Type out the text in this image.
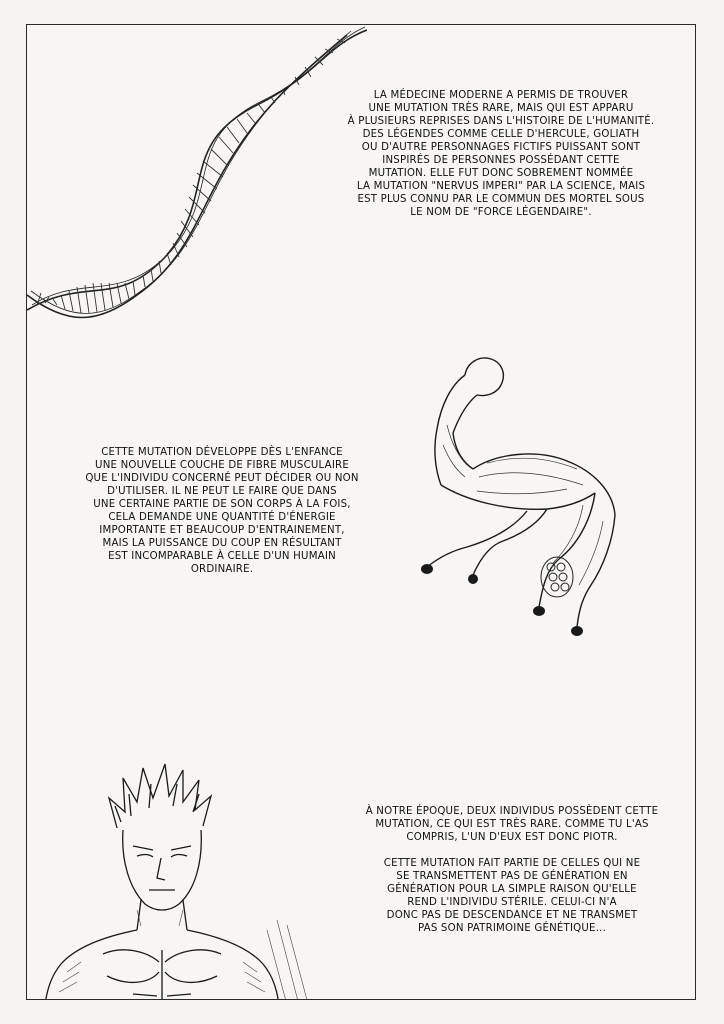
LA MÉDECINE MODERNE A PERMIS DE TROUVER

UNE MUTATION TRÈS RARE, MAIS QUI EST APPARU

À PLUSIEURS REPRISES DANS L'HISTOIRE DE L'HUMANITÉ.

DES LÉGENDES COMME CELLE D'HERCULE, GOLIATH

OU D'AUTRE PERSONNAGES FICTIFS PUISSANT SONT

INSPIRÉS DE PERSONNES POSSÉDANT CETTE

MUTATION. ELLE FUT DONC SOBREMENT NOMMÉE

LA MUTATION "NERVUS IMPERI" PAR LA SCIENCE, MAIS

EST PLUS CONNU PAR LE COMMUN DES MORTEL SOUS

LE NOM DE "FORCE LÉGENDAIRE".

CETTE MUTATION DÉVELOPPE DÈS L'ENFANCE

UNE NOUVELLE COUCHE DE FIBRE MUSCULAIRE

QUE L'INDIVIDU CONCERNÉ PEUT DÉCIDER OU NON

D'UTILISER. IL NE PEUT LE FAIRE QUE DANS

UNE CERTAINE PARTIE DE SON CORPS À LA FOIS,

CELA DEMANDE UNE QUANTITÉ D'ÉNERGIE

IMPORTANTE ET BEAUCOUP D'ENTRAINEMENT,

MAIS LA PUISSANCE DU COUP EN RÉSULTANT

EST INCOMPARABLE À CELLE D'UN HUMAIN

ORDINAIRE.

À NOTRE ÉPOQUE, DEUX INDIVIDUS POSSÈDENT CETTE

MUTATION, CE QUI EST TRÈS RARE. COMME TU L'AS

COMPRIS, L'UN D'EUX EST DONC PIOTR.

CETTE MUTATION FAIT PARTIE DE CELLES QUI NE

SE TRANSMETTENT PAS DE GÉNÉRATION EN

GÉNÉRATION POUR LA SIMPLE RAISON QU'ELLE

REND L'INDIVIDU STÉRILE. CELUI-CI N'A

DONC PAS DE DESCENDANCE ET NE TRANSMET

PAS SON PATRIMOINE GÉNÉTIQUE...
